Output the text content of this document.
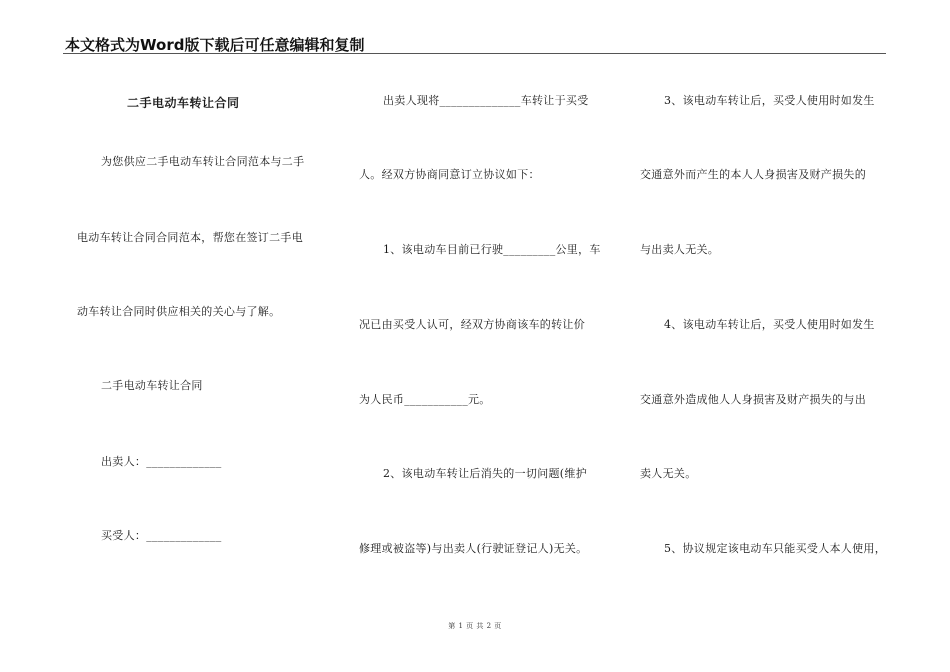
本文格式为Word版下载后可任意编辑和复制
二手电动车转让合同
为您供应二手电动车转让合同范本与二手
电动车转让合同合同范本，帮您在签订二手电
动车转让合同时供应相关的关心与了解。
二手电动车转让合同
出卖人：_____________
买受人：_____________
出卖人现将______________车转让于买受
人。经双方协商同意订立协议如下：
1、该电动车目前已行驶_________公里，车
况已由买受人认可，经双方协商该车的转让价
为人民币___________元。
2、该电动车转让后消失的一切问题(维护
修理或被盗等)与出卖人(行驶证登记人)无关。
3、该电动车转让后，买受人使用时如发生
交通意外而产生的本人人身损害及财产损失的
与出卖人无关。
4、该电动车转让后，买受人使用时如发生
交通意外造成他人人身损害及财产损失的与出
卖人无关。
5、协议规定该电动车只能买受人本人使用，
第 1 页 共 2 页
